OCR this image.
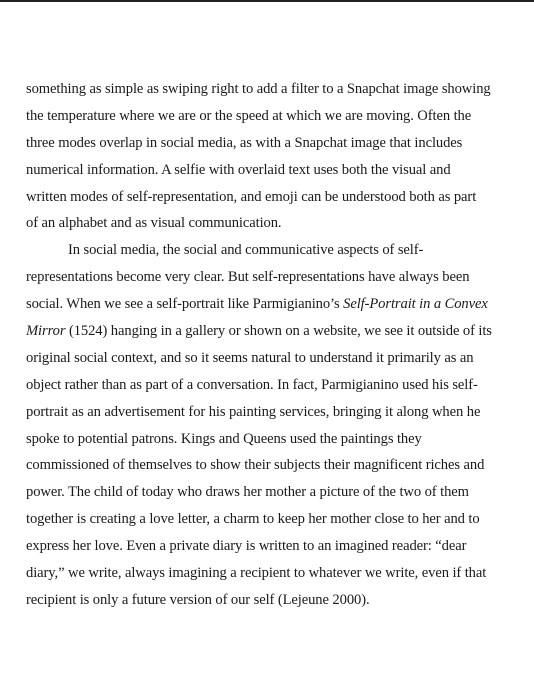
something as simple as swiping right to add a filter to a Snapchat image showing
the temperature where we are or the speed at which we are moving. Often the
three modes overlap in social media, as with a Snapchat image that includes
numerical information. A selfie with overlaid text uses both the visual and
written modes of self-representation, and emoji can be understood both as part
of an alphabet and as visual communication.
In social media, the social and communicative aspects of self-
representations become very clear. But self-representations have always been
social. When we see a self-portrait like Parmigianino’s Self-Portrait in a Convex
Mirror (1524) hanging in a gallery or shown on a website, we see it outside of its
original social context, and so it seems natural to understand it primarily as an
object rather than as part of a conversation. In fact, Parmigianino used his self-
portrait as an advertisement for his painting services, bringing it along when he
spoke to potential patrons. Kings and Queens used the paintings they
commissioned of themselves to show their subjects their magnificent riches and
power. The child of today who draws her mother a picture of the two of them
together is creating a love letter, a charm to keep her mother close to her and to
express her love. Even a private diary is written to an imagined reader: “dear
diary,” we write, always imagining a recipient to whatever we write, even if that
recipient is only a future version of our self (Lejeune 2000).
